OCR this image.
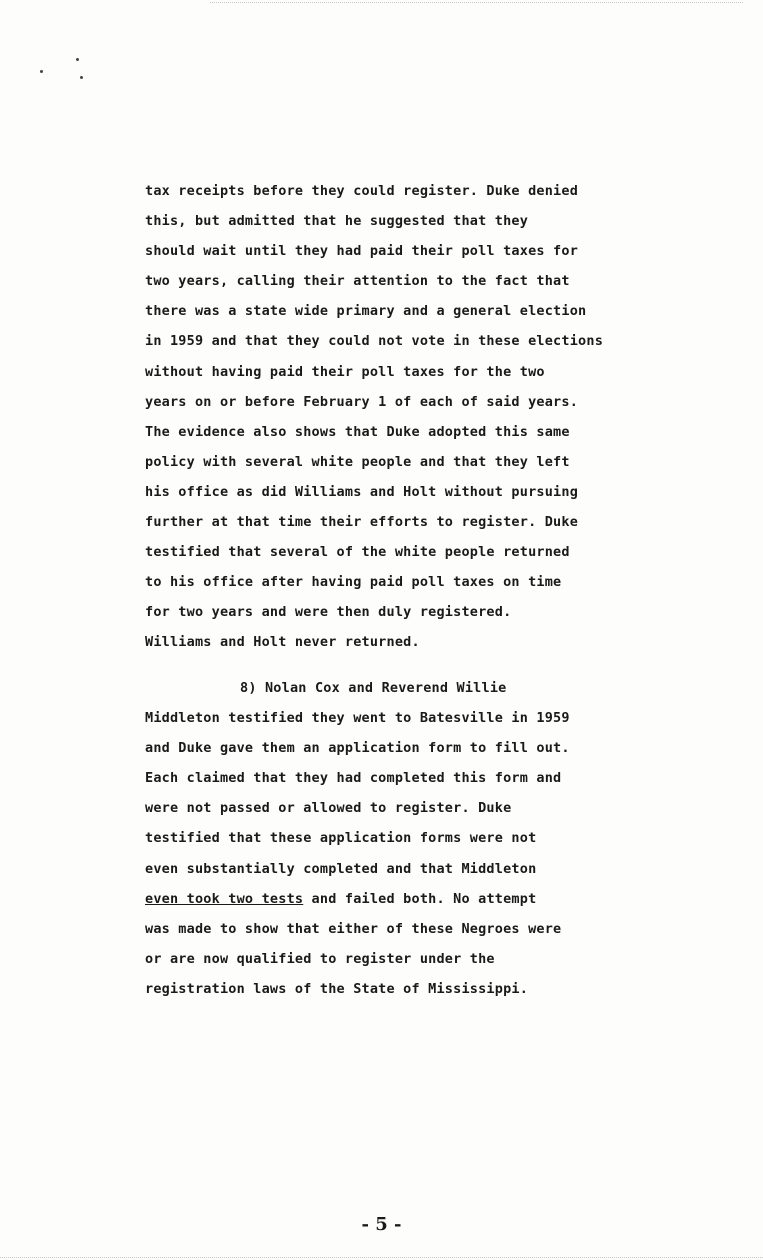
tax receipts before they could register. Duke denied
this, but admitted that he suggested that they
should wait until they had paid their poll taxes for
two years, calling their attention to the fact that
there was a state wide primary and a general election
in 1959 and that they could not vote in these elections
without having paid their poll taxes for the two
years on or before February 1 of each of said years.
The evidence also shows that Duke adopted this same
policy with several white people and that they left
his office as did Williams and Holt without pursuing
further at that time their efforts to register. Duke
testified that several of the white people returned
to his office after having paid poll taxes on time
for two years and were then duly registered.
Williams and Holt never returned.
8) Nolan Cox and Reverend Willie
Middleton testified they went to Batesville in 1959
and Duke gave them an application form to fill out.
Each claimed that they had completed this form and
were not passed or allowed to register. Duke
testified that these application forms were not
even substantially completed and that Middleton
even took two tests and failed both. No attempt
was made to show that either of these Negroes were
or are now qualified to register under the
registration laws of the State of Mississippi.
- 5 -
